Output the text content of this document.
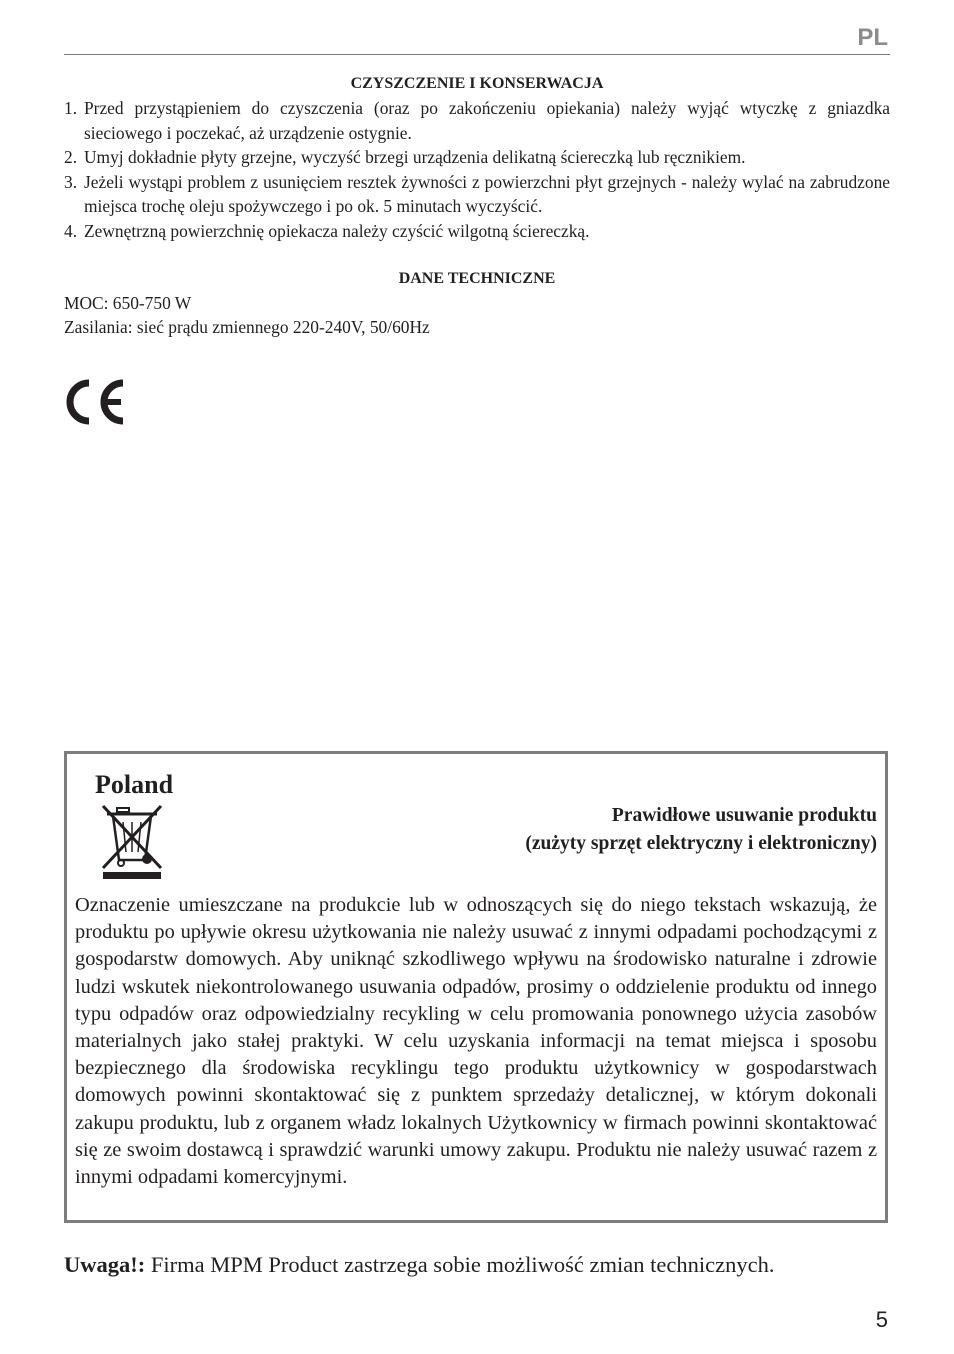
PL
CZYSZCZENIE I KONSERWACJA
1. Przed przystąpieniem do czyszczenia (oraz po zakończeniu opiekania) należy wyjąć wtyczkę z gniazdka sieciowego i poczekać, aż urządzenie ostygnie.
2. Umyj dokładnie płyty grzejne, wyczyść brzegi urządzenia delikatną ściereczką lub ręcznikiem.
3. Jeżeli wystąpi problem z usunięciem resztek żywności z powierzchni płyt grzejnych - należy wylać na zabrudzone miejsca trochę oleju spożywczego i po ok. 5 minutach wyczyścić.
4. Zewnętrzną powierzchnię opiekacza należy czyścić wilgotną ściereczką.
DANE TECHNICZNE

MOC: 650-750 W

Zasilania: sieć prądu zmiennego 220-240V, 50/60Hz

Poland
Prawidłowe usuwanie produktu
(zużyty sprzęt elektryczny i elektroniczny)

Oznaczenie umieszczane na produkcie lub w odnoszących się do niego tekstach wskazują, że produktu po upływie okresu użytkowania nie należy usuwać z innymi odpadami pochodzącymi z gospodarstw domowych. Aby uniknąć szkodliwego wpływu na środowisko naturalne i zdrowie ludzi wskutek niekontrolowanego usuwania odpadów, prosimy o oddzielenie produktu od innego typu odpadów oraz odpowiedzialny recykling w celu promowania ponownego użycia zasobów materialnych jako stałej praktyki. W celu uzyskania informacji na temat miejsca i sposobu bezpiecznego dla środowiska recyklingu tego produktu użytkownicy w gospodarstwach domowych powinni skontaktować się z punktem sprzedaży detalicznej, w którym dokonali zakupu produktu, lub z organem władz lokalnych Użytkownicy w firmach powinni skontaktować się ze swoim dostawcą i sprawdzić warunki umowy zakupu. Produktu nie należy usuwać razem z innymi odpadami komercyjnymi.

Uwaga!: Firma MPM Product zastrzega sobie możliwość zmian technicznych.
5
